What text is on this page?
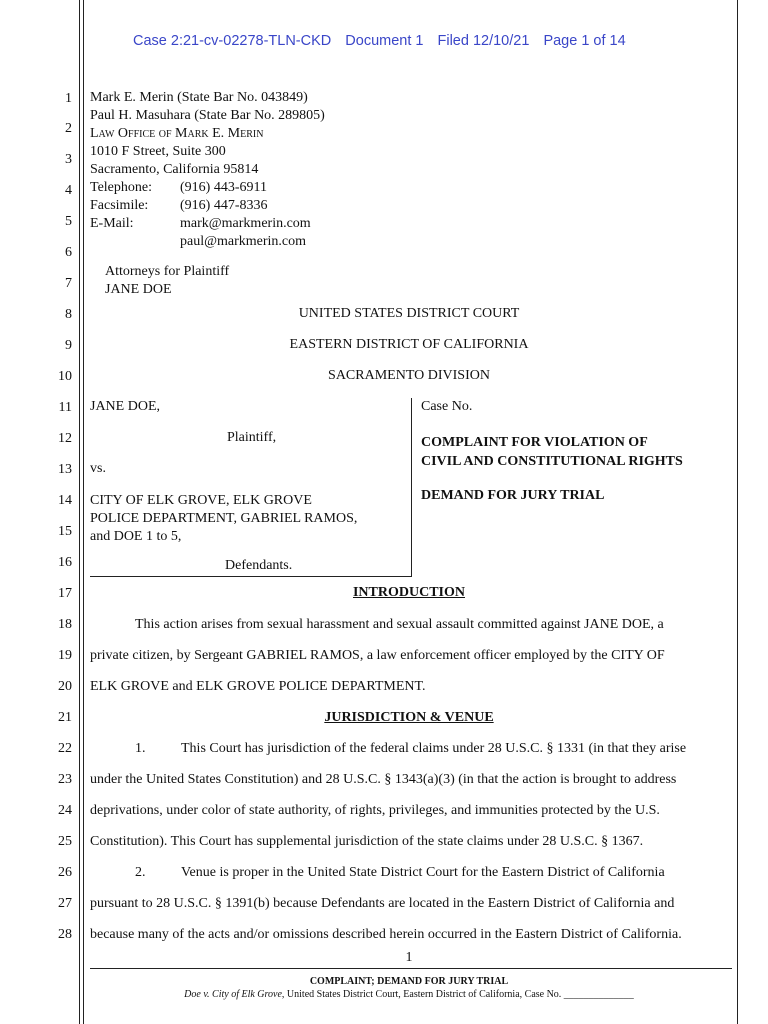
Case 2:21-cv-02278-TLN-CKD Document 1 Filed 12/10/21 Page 1 of 14
1
2
3
4
5
6
7
8
9
10
11
12
13
14
15
16
17
18
19
20
21
22
23
24
25
26
27
28
Mark E. Merin (State Bar No. 043849)
Paul H. Masuhara (State Bar No. 289805)
Law Office of Mark E. Merin
1010 F Street, Suite 300
Sacramento, California 95814
Telephone: (916) 443-6911
Facsimile: (916) 447-8336
E-Mail:	mark@markmerin.com
paul@markmerin.com
Attorneys for Plaintiff
JANE DOE
UNITED STATES DISTRICT COURT
EASTERN DISTRICT OF CALIFORNIA
SACRAMENTO DIVISION
JANE DOE,
Plaintiff,
vs.
CITY OF ELK GROVE, ELK GROVE
POLICE DEPARTMENT, GABRIEL RAMOS,
and DOE 1 to 5,
Defendants.
Case No.
COMPLAINT FOR VIOLATION OF
CIVIL AND CONSTITUTIONAL RIGHTS
DEMAND FOR JURY TRIAL
INTRODUCTION
This action arises from sexual harassment and sexual assault committed against JANE DOE, a
private citizen, by Sergeant GABRIEL RAMOS, a law enforcement officer employed by the CITY OF
ELK GROVE and ELK GROVE POLICE DEPARTMENT.
JURISDICTION & VENUE
1.	This Court has jurisdiction of the federal claims under 28 U.S.C. § 1331 (in that they arise
under the United States Constitution) and 28 U.S.C. § 1343(a)(3) (in that the action is brought to address
deprivations, under color of state authority, of rights, privileges, and immunities protected by the U.S.
Constitution). This Court has supplemental jurisdiction of the state claims under 28 U.S.C. § 1367.
2.	Venue is proper in the United State District Court for the Eastern District of California
pursuant to 28 U.S.C. § 1391(b) because Defendants are located in the Eastern District of California and
because many of the acts and/or omissions described herein occurred in the Eastern District of California.
1
COMPLAINT; DEMAND FOR JURY TRIAL
Doe v. City of Elk Grove, United States District Court, Eastern District of California, Case No. ______________
